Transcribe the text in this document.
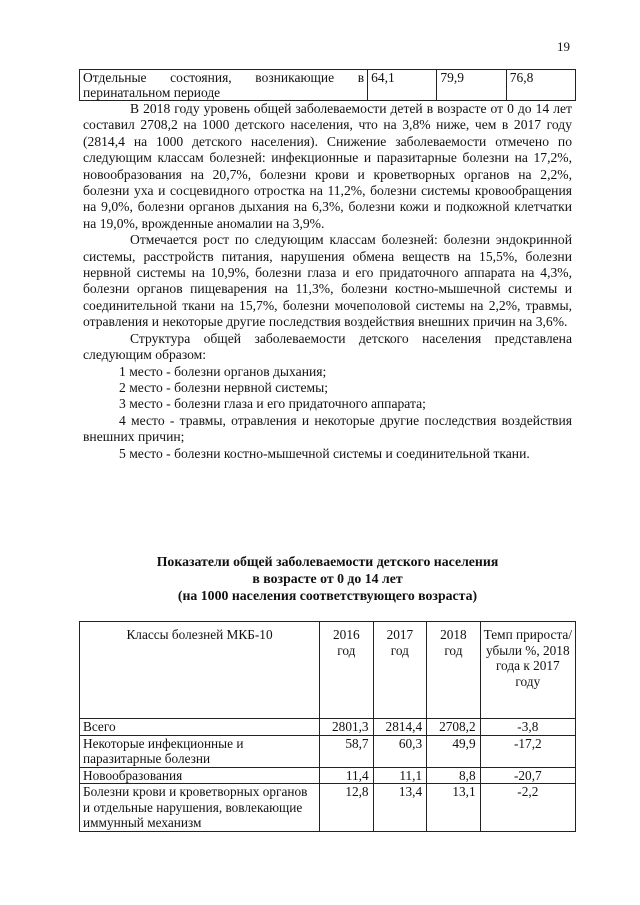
19
Отдельные состояния, возникающие в перинатальном периоде	64,1	79,9	76,8

В 2018 году уровень общей заболеваемости детей в возрасте от 0 до 14 лет составил 2708,2 на 1000 детского населения, что на 3,8% ниже, чем в 2017 году (2814,4 на 1000 детского населения). Снижение заболеваемости отмечено по следующим классам болезней: инфекционные и паразитарные болезни на 17,2%, новообразования на 20,7%, болезни крови и кроветворных органов на 2,2%, болезни уха и сосцевидного отростка на 11,2%, болезни системы кровообращения на 9,0%, болезни органов дыхания на 6,3%, болезни кожи и подкожной клетчатки на 19,0%, врожденные аномалии на 3,9%.

Отмечается рост по следующим классам болезней: болезни эндокринной системы, расстройств питания, нарушения обмена веществ на 15,5%, болезни нервной системы на 10,9%, болезни глаза и его придаточного аппарата на 4,3%, болезни органов пищеварения на 11,3%, болезни костно-мышечной системы и соединительной ткани на 15,7%, болезни мочеполовой системы на 2,2%, травмы, отравления и некоторые другие последствия воздействия внешних причин на 3,6%.

Структура общей заболеваемости детского населения представлена следующим образом:

1 место - болезни органов дыхания;

2 место - болезни нервной системы;

3 место - болезни глаза и его придаточного аппарата;

4 место - травмы, отравления и некоторые другие последствия воздействия внешних причин;

5 место - болезни костно-мышечной системы и соединительной ткани.

Показатели общей заболеваемости детского населения
в возрасте от 0 до 14 лет
(на 1000 населения соответствующего возраста)
Классы болезней МКБ-10	2016 год	2017 год	2018 год	Темп прироста/ убыли %, 2018 года к 2017 году
Всего	2801,3	2814,4	2708,2	-3,8
Некоторые инфекционные и паразитарные болезни	58,7	60,3	49,9	-17,2
Новообразования	11,4	11,1	8,8	-20,7
Болезни крови и кроветворных органов и отдельные нарушения, вовлекающие иммунный механизм	12,8	13,4	13,1	-2,2
